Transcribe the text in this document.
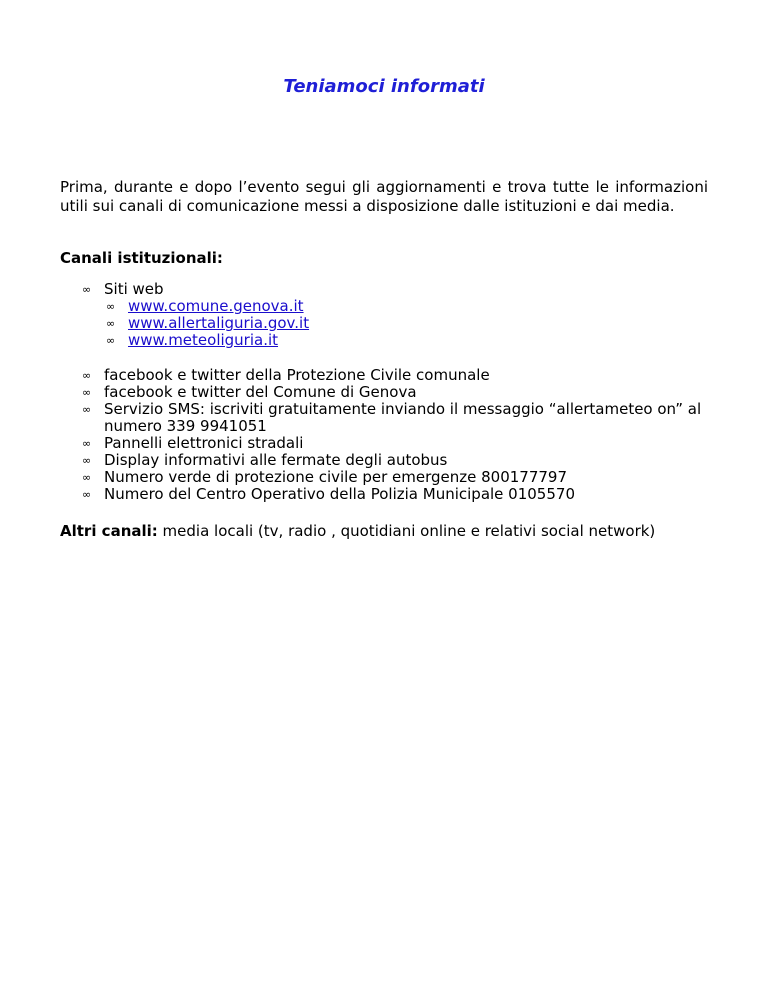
Teniamoci informati

Prima, durante e dopo l’evento segui gli aggiornamenti e trova tutte le informazioni utili sui canali di comunicazione messi a disposizione dalle istituzioni e dai media.

Canali istituzionali:

∞ Siti web
∞ www.comune.genova.it
∞ www.allertaliguria.gov.it
∞ www.meteoliguria.it
∞ facebook e twitter della Protezione Civile comunale
∞ facebook e twitter del Comune di Genova
∞ Servizio SMS: iscriviti gratuitamente inviando il messaggio “allertameteo on” al numero 339 9941051
∞ Pannelli elettronici stradali
∞ Display informativi alle fermate degli autobus
∞ Numero verde di protezione civile per emergenze 800177797
∞ Numero del Centro Operativo della Polizia Municipale 0105570

Altri canali: media locali (tv, radio , quotidiani online e relativi social network)
